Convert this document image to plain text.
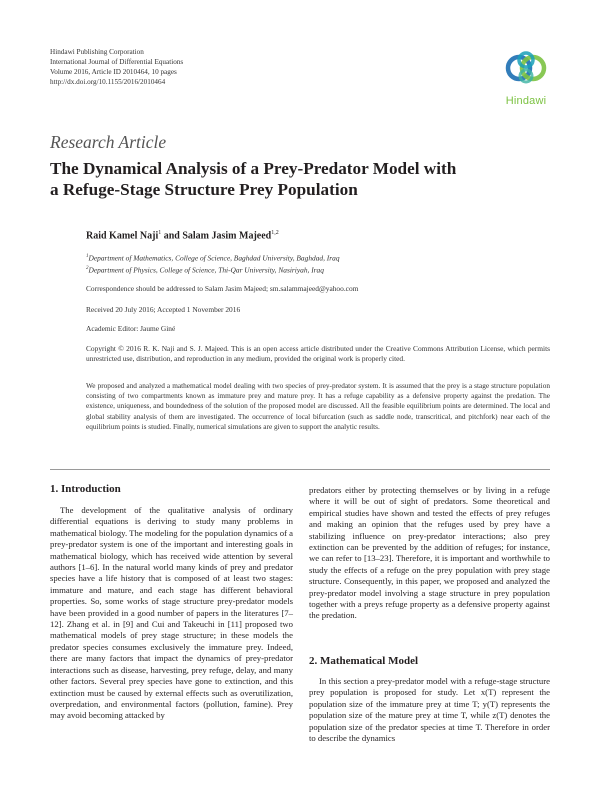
Hindawi Publishing Corporation
International Journal of Differential Equations
Volume 2016, Article ID 2010464, 10 pages
http://dx.doi.org/10.1155/2016/2010464
Hindawi
Research Article
The Dynamical Analysis of a Prey-Predator Model with
a Refuge-Stage Structure Prey Population
Raid Kamel Naji$^1$ and Salam Jasim Majeed$^{1,2}$
$^1$Department of Mathematics, College of Science, Baghdad University, Baghdad, Iraq
$^2$Department of Physics, College of Science, Thi-Qar University, Nasiriyah, Iraq
Correspondence should be addressed to Salam Jasim Majeed; sm.salammajeed@yahoo.com
Received 20 July 2016; Accepted 1 November 2016
Academic Editor: Jaume Giné
Copyright © 2016 R. K. Naji and S. J. Majeed. This is an open access article distributed under the Creative Commons Attribution License, which permits unrestricted use, distribution, and reproduction in any medium, provided the original work is properly cited.
We proposed and analyzed a mathematical model dealing with two species of prey-predator system. It is assumed that the prey is a stage structure population consisting of two compartments known as immature prey and mature prey. It has a refuge capability as a defensive property against the predation. The existence, uniqueness, and boundedness of the solution of the proposed model are discussed. All the feasible equilibrium points are determined. The local and global stability analysis of them are investigated. The occurrence of local bifurcation (such as saddle node, transcritical, and pitchfork) near each of the equilibrium points is studied. Finally, numerical simulations are given to support the analytic results.
1. Introduction

The development of the qualitative analysis of ordinary differential equations is deriving to study many problems in mathematical biology. The modeling for the population dynamics of a prey-predator system is one of the important and interesting goals in mathematical biology, which has received wide attention by several authors [1–6]. In the natural world many kinds of prey and predator species have a life history that is composed of at least two stages: immature and mature, and each stage has different behavioral properties. So, some works of stage structure prey-predator models have been provided in a good number of papers in the literatures [7–12]. Zhang et al. in [9] and Cui and Takeuchi in [11] proposed two mathematical models of prey stage structure; in these models the predator species consumes exclusively the immature prey. Indeed, there are many factors that impact the dynamics of prey-predator interactions such as disease, harvesting, prey refuge, delay, and many other factors. Several prey species have gone to extinction, and this extinction must be caused by external effects such as overutilization, overpredation, and environmental factors (pollution, famine). Prey may avoid becoming attacked by

predators either by protecting themselves or by living in a refuge where it will be out of sight of predators. Some theoretical and empirical studies have shown and tested the effects of prey refuges and making an opinion that the refuges used by prey have a stabilizing influence on prey-predator interactions; also prey extinction can be prevented by the addition of refuges; for instance, we can refer to [13–23]. Therefore, it is important and worthwhile to study the effects of a refuge on the prey population with prey stage structure. Consequently, in this paper, we proposed and analyzed the prey-predator model involving a stage structure in prey population together with a preys refuge property as a defensive property against the predation.

2. Mathematical Model

In this section a prey-predator model with a refuge-stage structure prey population is proposed for study. Let x(T) represent the population size of the immature prey at time T; y(T) represents the population size of the mature prey at time T, while z(T) denotes the population size of the predator species at time T. Therefore in order to describe the dynamics
